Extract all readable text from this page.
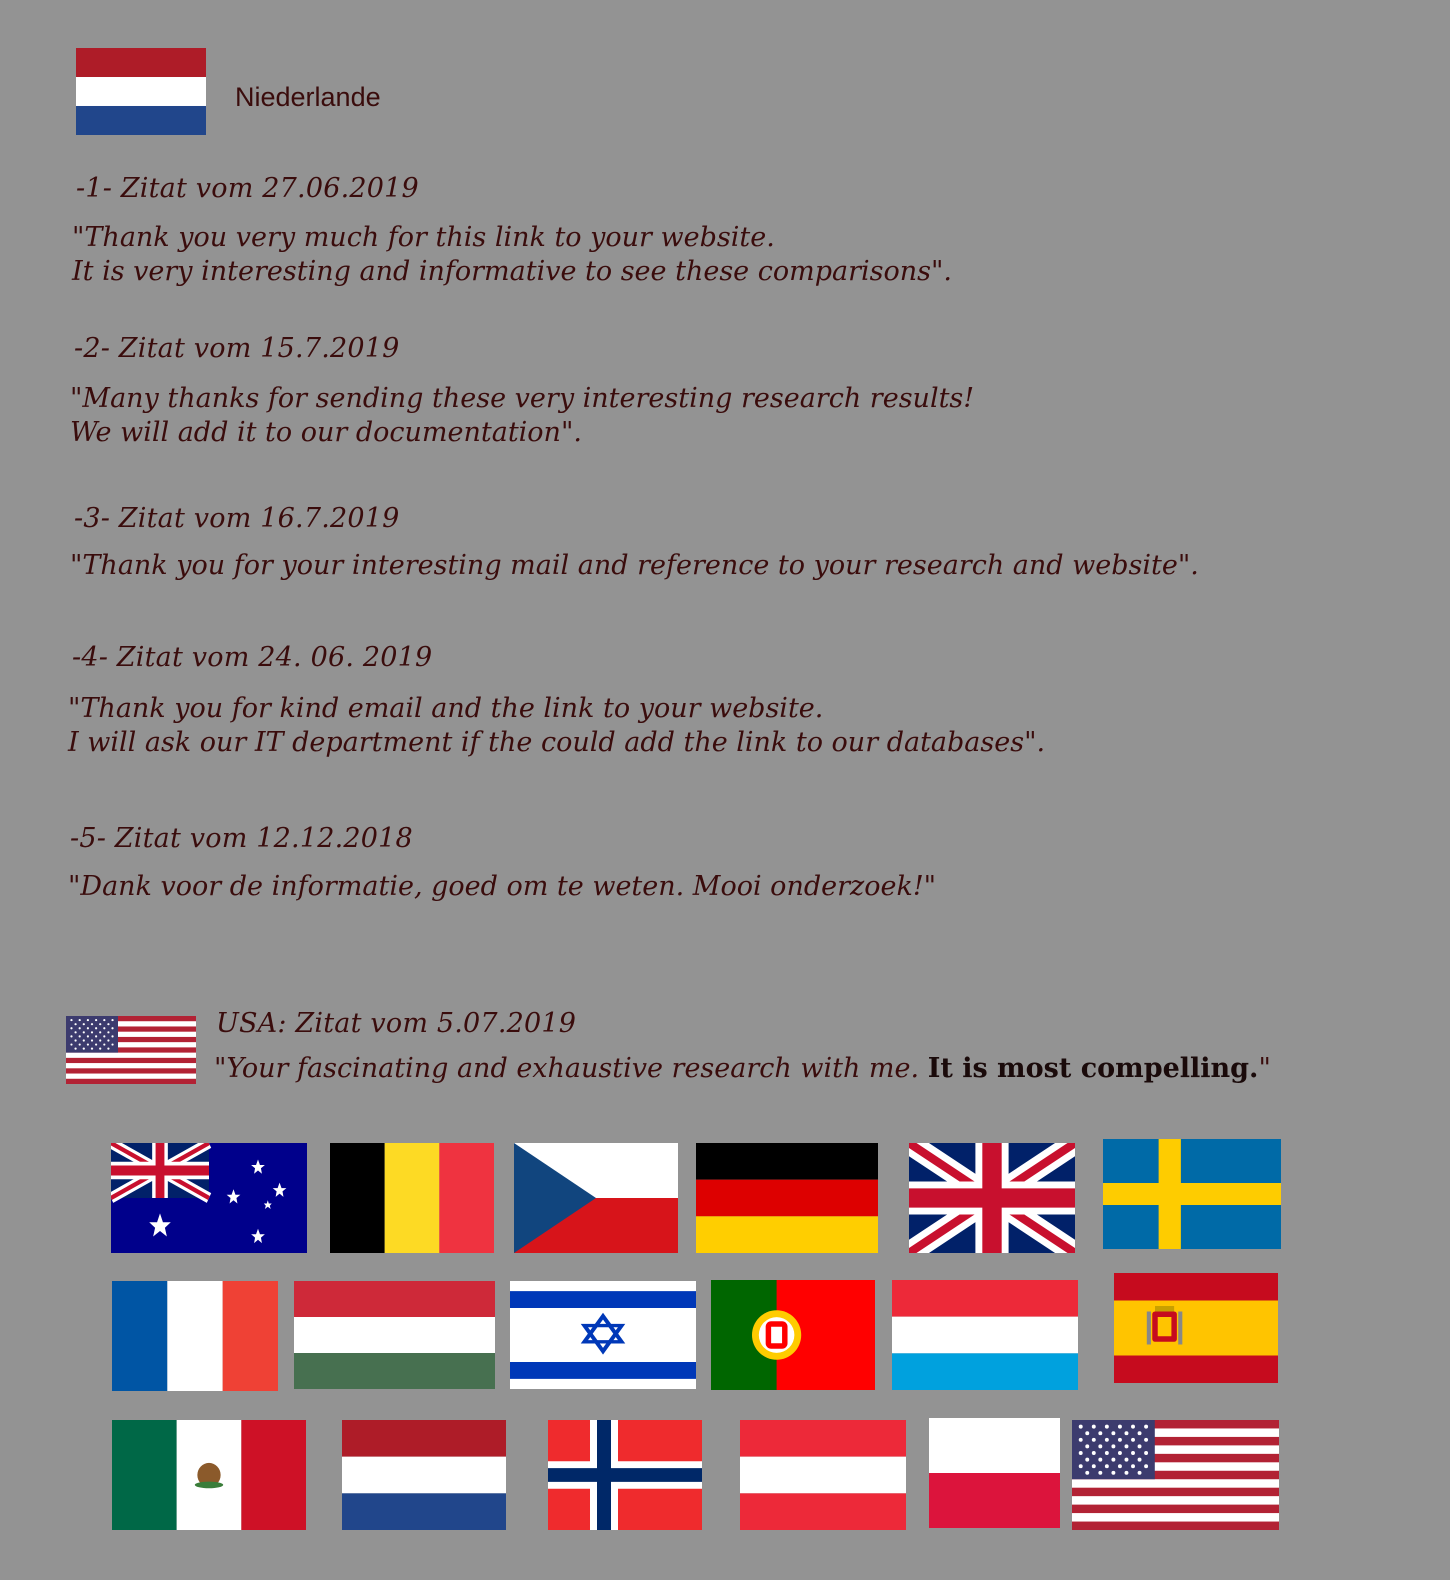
Niederlande
-1- Zitat vom 27.06.2019
"Thank you very much for this link to your website.
It is very interesting and informative to see these comparisons".
-2- Zitat vom 15.7.2019
"Many thanks for sending these very interesting research results!
We will add it to our documentation".
-3- Zitat vom 16.7.2019
"Thank you for your interesting mail and reference to your research and website".
-4- Zitat vom 24. 06. 2019
"Thank you for kind email and the link to your website.
I will ask our IT department if the could add the link to our databases".
-5- Zitat vom 12.12.2018
"Dank voor de informatie, goed om te weten. Mooi onderzoek!"
USA: Zitat vom 5.07.2019
"Your fascinating and exhaustive research with me. It is most compelling."
